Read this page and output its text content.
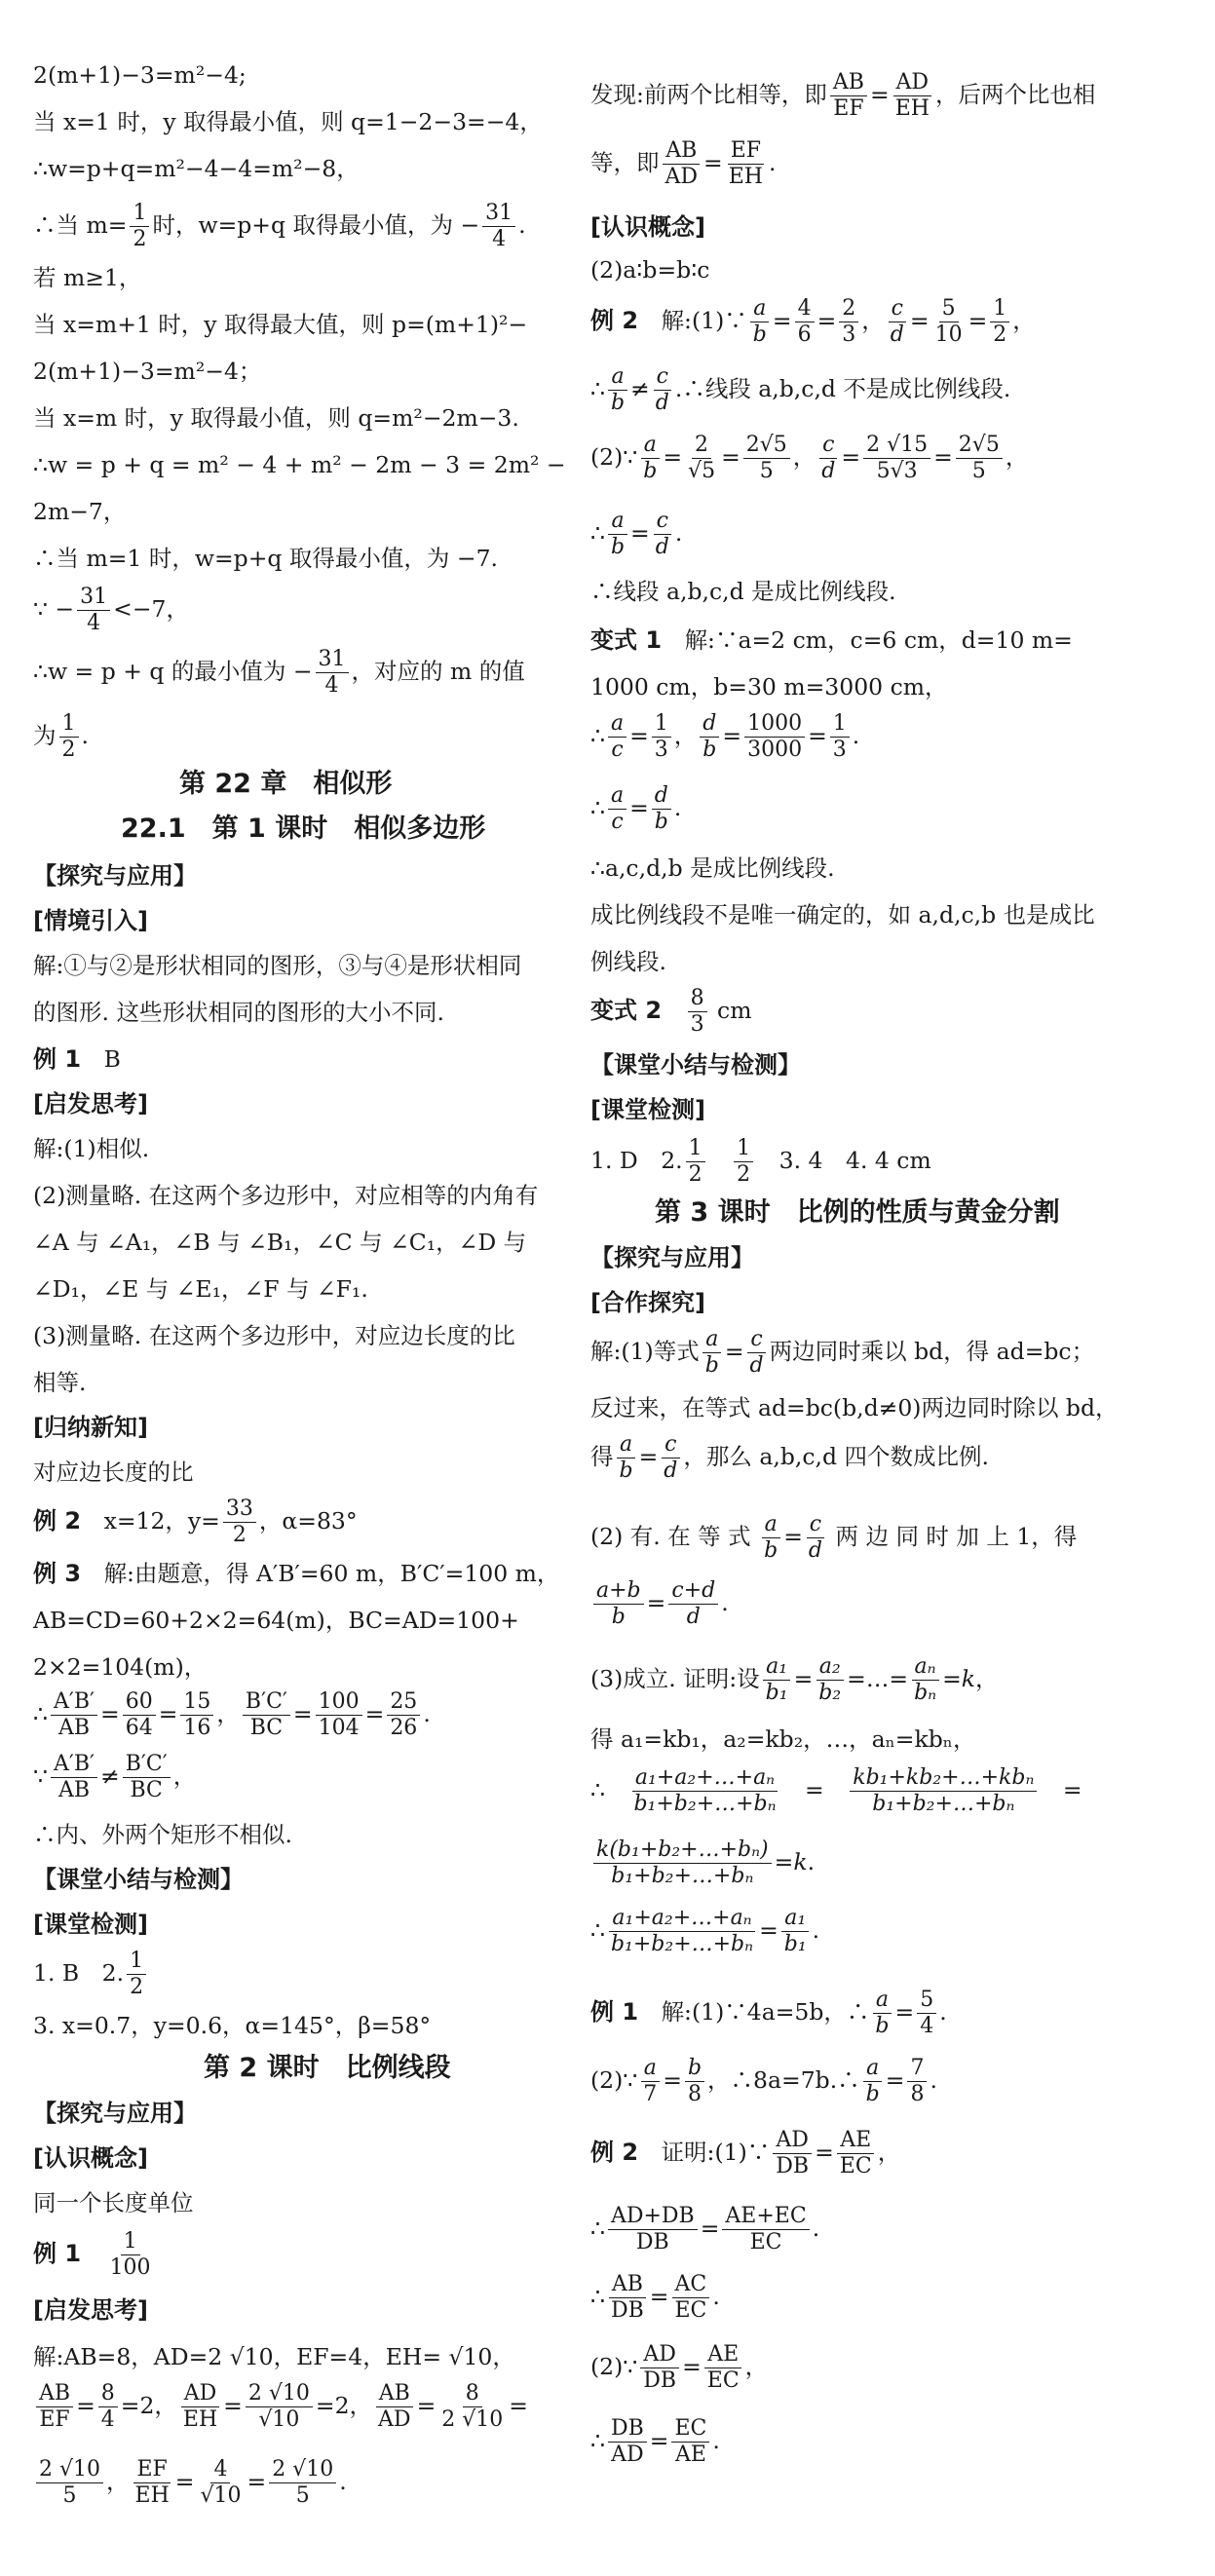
2(m+1)−3=m²−4;
当 x=1 时，y 取得最小值，则 q=1−2−3=−4，
∴w=p+q=m²−4−4=m²−8，
∴当 $m= \frac{1}{2}$ 时，w=p+q 取得最小值，为 − $\frac{31}{4}$ .
若 m≥1，
当 x=m+1 时，y 取得最大值，则 p=(m+1)²−
2(m+1)−3=m²−4；
当 x=m 时，y 取得最小值，则 q=m²−2m−3.
∴w = p + q = m² − 4 + m² − 2m − 3 = 2m² −
2m−7，
∴当 m=1 时，w=p+q 取得最小值，为 −7.
∵ − $\frac{31}{4} <-7$，
∴w = p + q 的最小值为 − $\frac{31}{4}$ ，对应的 m 的值
为 $\frac{1}{2}$ .
第 22 章　相似形
22.1　第 1 课时　相似多边形
【探究与应用】
[情境引入]
解:①与②是形状相同的图形，③与④是形状相同
的图形. 这些形状相同的图形的大小不同.
例 1　 B
[启发思考]
解:(1)相似.
(2)测量略. 在这两个多边形中，对应相等的内角有
∠A 与 ∠A₁，∠B 与 ∠B₁，∠C 与 ∠C₁，∠D 与
∠D₁，∠E 与 ∠E₁，∠F 与 ∠F₁.
(3)测量略. 在这两个多边形中，对应边长度的比
相等.
[归纳新知]
对应边长度的比
例 2　 x=12，$y= \frac{33}{2}$ ，α=83°
例 3　 解:由题意，得 A′B′=60 m，B′C′=100 m，
AB=CD=60+2×2=64(m)，BC=AD=100+
2×2=104(m)，
∴ $\frac{A'B'}{AB} = \frac{60}{64} = \frac{15}{16}$ ， $\frac{B'C'}{BC} = \frac{100}{104} = \frac{25}{26}$ .
∵ $\frac{A'B'}{AB} \ne \frac{B'C'}{BC}$ ，
∴内、外两个矩形不相似.
【课堂小结与检测】
[课堂检测]
1. B　2. $\frac{1}{2}$
3. x=0.7，y=0.6，α=145°，β=58°
第 2 课时　比例线段
【探究与应用】
[认识概念]
同一个长度单位
例 1　 $\frac{1}{100}$
[启发思考]
解:AB=8，AD=2 √10，EF=4，EH= √10，
$\frac{AB}{EF} = \frac{8}{4} =2$， $\frac{AD}{EH} = \frac{2 √10}{√10} =2$， $\frac{AB}{AD} = \frac{8}{2 √10}$ =
$\frac{2 √10}{5}$ ， $\frac{EF}{EH} = \frac{4}{√10} = \frac{2 √10}{5}$ .
发现:前两个比相等，即 $\frac{AB}{EF} = \frac{AD}{EH}$ ，后两个比也相
等，即 $\frac{AB}{AD} = \frac{EF}{EH}$ .
[认识概念]
(2)a∶b=b∶c
例 2　 解:(1)∵ $\frac{a}{b} = \frac{4}{6} = \frac{2}{3}$ ， $\frac{c}{d} = \frac{5}{10} = \frac{1}{2}$ ，
∴ $\frac{a}{b} \ne \frac{c}{d}$ .∴线段 a,b,c,d 不是成比例线段.
(2)∵ $\frac{a}{b} = \frac{2}{√5} = \frac{2√5}{5}$ ， $\frac{c}{d} = \frac{2 √15}{5√3} = \frac{2√5}{5}$ ，
∴ $\frac{a}{b} = \frac{c}{d}$ .
∴线段 a,b,c,d 是成比例线段.
变式 1　 解:∵a=2 cm，c=6 cm，d=10 m=
1000 cm，b=30 m=3000 cm，
∴ $\frac{a}{c} = \frac{1}{3}$ ， $\frac{d}{b} = \frac{1000}{3000} = \frac{1}{3}$ .
∴ $\frac{a}{c} = \frac{d}{b}$ .
∴a,c,d,b 是成比例线段.
成比例线段不是唯一确定的，如 a,d,c,b 也是成比
例线段.
变式 2　 $\frac{8}{3}$ cm
【课堂小结与检测】
[课堂检测]
1. D　2. $\frac{1}{2}$
　 $\frac{1}{2}$
　 3. 4　4. 4 cm
第 3 课时　比例的性质与黄金分割
【探究与应用】
[合作探究]
解:(1)等式 $\frac{a}{b} = \frac{c}{d}$ 两边同时乘以 bd，得 ad=bc；
反过来，在等式 ad=bc(b,d≠0)两边同时除以 bd，
得 $\frac{a}{b} = \frac{c}{d}$ ，那么 a,b,c,d 四个数成比例.
(2) 有. 在 等 式 $\frac{a}{b} = \frac{c}{d}$ 两 边 同 时 加 上 1，得
$\frac{a+b}{b} = \frac{c+d}{d}$ .
(3)成立. 证明:设 $\frac{\text{a₁}}{\text{b₁}} = \frac{\text{a₂}}{\text{b₂}}$ =…= $\frac{\text{aₙ}}{\text{bₙ}} =k$，
得 a₁=kb₁，a₂=kb₂，…，aₙ=kbₙ，
∴　 $\frac{\text{a₁+a₂+…+aₙ}}{\text{b₁+b₂+…+bₙ}}$ 　=　 $\frac{\text{kb₁+kb₂+…+kbₙ}}{\text{b₁+b₂+…+bₙ}}$ 　=
$\frac{\text{k(b₁+b₂+…+bₙ)}}{\text{b₁+b₂+…+bₙ}} =k$.
∴ $\frac{\text{a₁+a₂+…+aₙ}}{\text{b₁+b₂+…+bₙ}} = \frac{\text{a₁}}{\text{b₁}}$ .
例 1　 解:(1)∵4a=5b，∴ $\frac{a}{b} = \frac{5}{4}$ .
(2)∵ $\frac{a}{7} = \frac{b}{8}$ ，∴8a=7b.∴ $\frac{a}{b} = \frac{7}{8}$ .
例 2　 证明:(1)∵ $\frac{AD}{DB} = \frac{AE}{EC}$ ，
∴ $\frac{AD+DB}{DB} = \frac{AE+EC}{EC}$ .
∴ $\frac{AB}{DB} = \frac{AC}{EC}$ .
(2)∵ $\frac{AD}{DB} = \frac{AE}{EC}$ ，
∴ $\frac{DB}{AD} = \frac{EC}{AE}$ .
